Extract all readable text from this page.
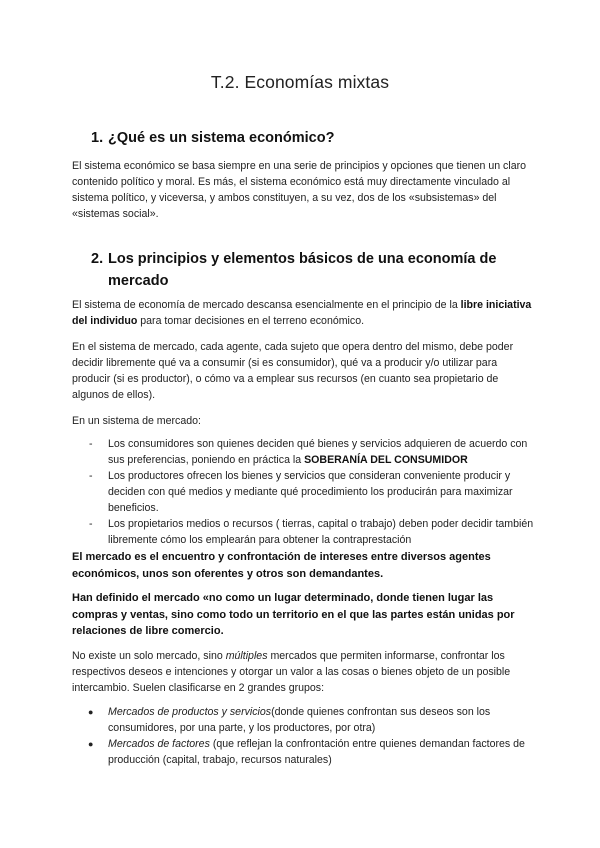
T.2. Economías mixtas
1. ¿Qué es un sistema económico?
El sistema económico se basa siempre en una serie de principios y opciones que tienen un claro contenido político y moral. Es más, el sistema económico está muy directamente vinculado al sistema político, y viceversa, y ambos constituyen, a su vez, dos de los «subsistemas» del «sistemas social».
2. Los principios y elementos básicos de una economía de mercado
El sistema de economía de mercado descansa esencialmente en el principio de la libre iniciativa del individuo para tomar decisiones en el terreno económico.
En el sistema de mercado, cada agente, cada sujeto que opera dentro del mismo, debe poder decidir libremente qué va a consumir (si es consumidor), qué va a producir y/o utilizar para producir (si es productor), o cómo va a emplear sus recursos (en cuanto sea propietario de algunos de ellos).
En un sistema de mercado:
- Los consumidores son quienes deciden qué bienes y servicios adquieren de acuerdo con sus preferencias, poniendo en práctica la SOBERANÍA DEL CONSUMIDOR
- Los productores ofrecen los bienes y servicios que consideran conveniente producir y deciden con qué medios y mediante qué procedimiento los producirán para maximizar beneficios.
- Los propietarios medios o recursos ( tierras, capital o trabajo) deben poder decidir también libremente cómo los emplearán para obtener la contraprestación
El mercado es el encuentro y confrontación de intereses entre diversos agentes económicos, unos son oferentes y otros son demandantes.
Han definido el mercado «no como un lugar determinado, donde tienen lugar las compras y ventas, sino como todo un territorio en el que las partes están unidas por relaciones de libre comercio.
No existe un solo mercado, sino múltiples mercados que permiten informarse, confrontar los respectivos deseos e intenciones y otorgar un valor a las cosas o bienes objeto de un posible intercambio. Suelen clasificarse en 2 grandes grupos:
● Mercados de productos y servicios(donde quienes confrontan sus deseos son los consumidores, por una parte, y los productores, por otra)
● Mercados de factores (que reflejan la confrontación entre quienes demandan factores de producción (capital, trabajo, recursos naturales)
